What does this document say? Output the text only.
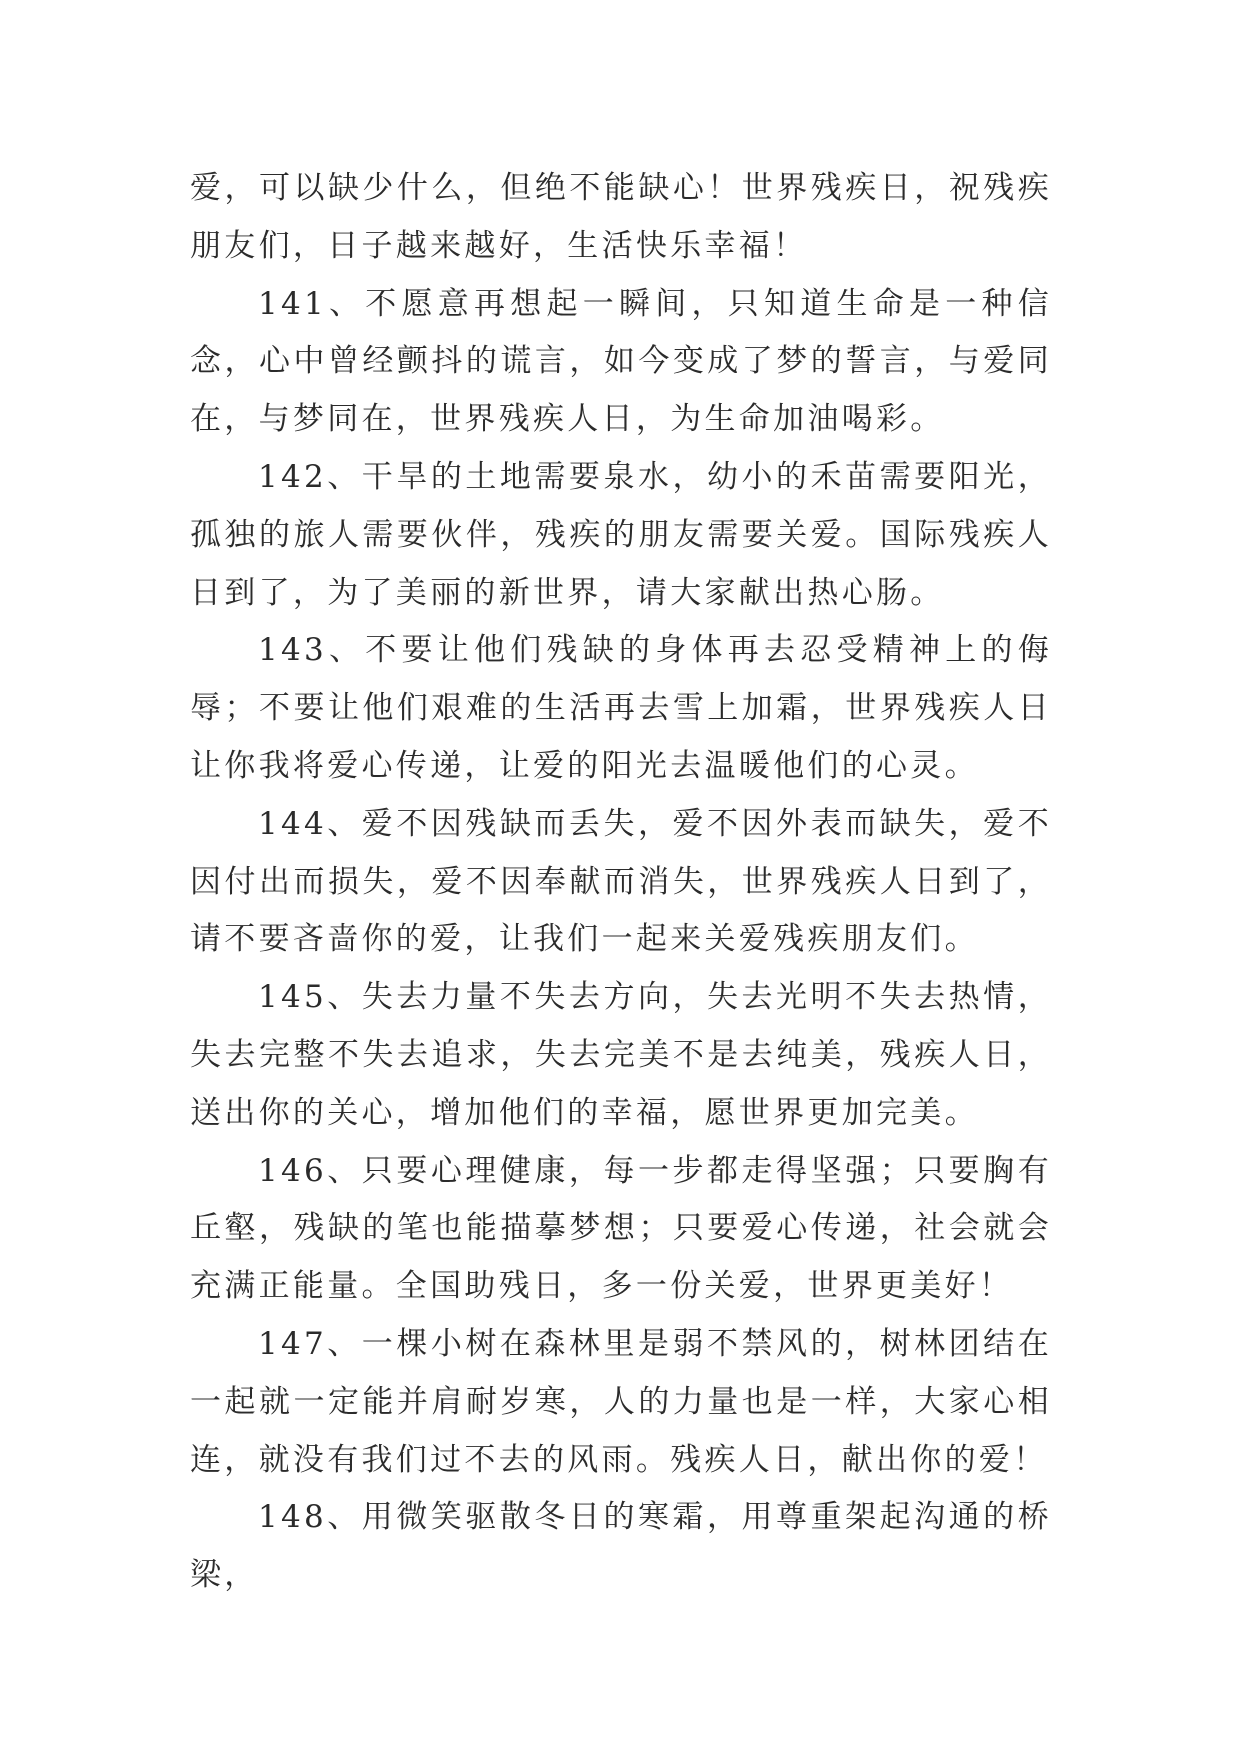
爱，可以缺少什么，但绝不能缺心！世界残疾日，祝残疾朋友们，日子越来越好，生活快乐幸福！

141、不愿意再想起一瞬间，只知道生命是一种信念，心中曾经颤抖的谎言，如今变成了梦的誓言，与爱同在，与梦同在，世界残疾人日，为生命加油喝彩。

142、干旱的土地需要泉水，幼小的禾苗需要阳光，孤独的旅人需要伙伴，残疾的朋友需要关爱。国际残疾人日到了，为了美丽的新世界，请大家献出热心肠。

143、不要让他们残缺的身体再去忍受精神上的侮辱；不要让他们艰难的生活再去雪上加霜，世界残疾人日让你我将爱心传递，让爱的阳光去温暖他们的心灵。

144、爱不因残缺而丢失，爱不因外表而缺失，爱不因付出而损失，爱不因奉献而消失，世界残疾人日到了，请不要吝啬你的爱，让我们一起来关爱残疾朋友们。

145、失去力量不失去方向，失去光明不失去热情，失去完整不失去追求，失去完美不是去纯美，残疾人日，送出你的关心，增加他们的幸福，愿世界更加完美。

146、只要心理健康，每一步都走得坚强；只要胸有丘壑，残缺的笔也能描摹梦想；只要爱心传递，社会就会充满正能量。全国助残日，多一份关爱，世界更美好！

147、一棵小树在森林里是弱不禁风的，树林团结在一起就一定能并肩耐岁寒，人的力量也是一样，大家心相连，就没有我们过不去的风雨。残疾人日，献出你的爱！

148、用微笑驱散冬日的寒霜，用尊重架起沟通的桥梁，
